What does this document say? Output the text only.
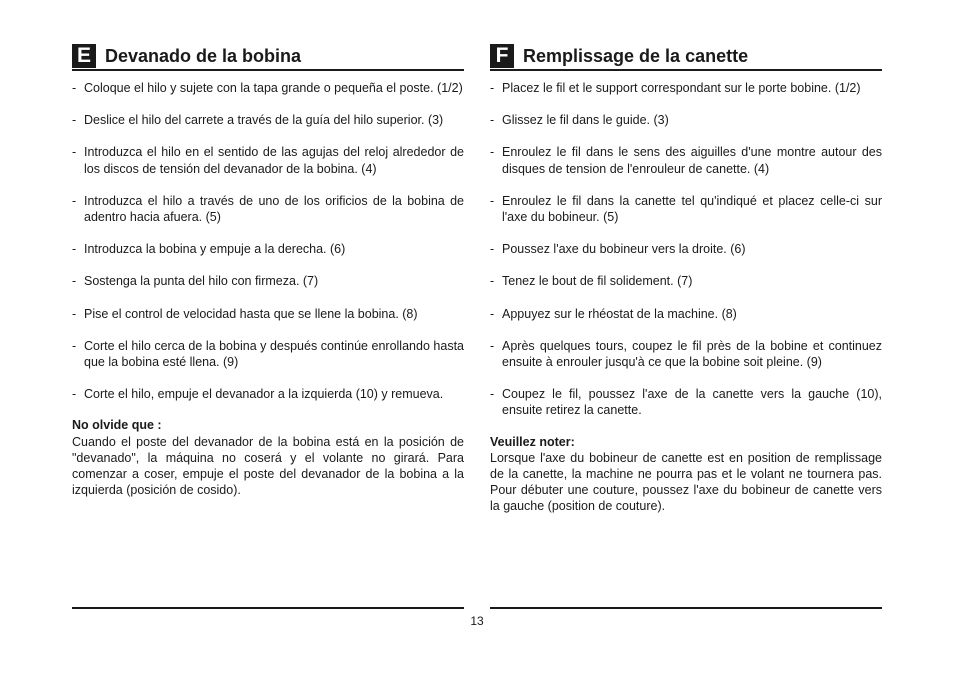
E Devanado de la bobina
- Coloque el hilo y sujete con la tapa grande o pequeña el poste. (1/2)
- Deslice el hilo del carrete a través de la guía del hilo superior. (3)
- Introduzca el hilo en el sentido de las agujas del reloj alrededor de los discos de tensión del devanador de la bobina. (4)
- Introduzca el hilo a través de uno de los orificios de la bobina de adentro hacia afuera. (5)
- Introduzca la bobina y empuje a la derecha. (6)
- Sostenga la punta del hilo con firmeza. (7)
- Pise el control de velocidad hasta que se llene la bobina. (8)
- Corte el hilo cerca de la bobina y después continúe enrollando hasta que la bobina esté llena. (9)
- Corte el hilo, empuje el devanador a la izquierda (10) y remueva.
No olvide que :
Cuando el poste del devanador de la bobina está en la posición de "devanado", la máquina no coserá y el volante no girará. Para comenzar a coser, empuje el poste del devanador de la bobina a la izquierda (posición de cosido).
F Remplissage de la canette
- Placez le fil et le support correspondant sur le porte bobine. (1/2)
- Glissez le fil dans le guide. (3)
- Enroulez le fil dans le sens des aiguilles d'une montre autour des disques de tension de l'enrouleur de canette. (4)
- Enroulez le fil dans la canette tel qu'indiqué et placez celle-ci sur l'axe du bobineur. (5)
- Poussez l'axe du bobineur vers la droite. (6)
- Tenez le bout de fil solidement. (7)
- Appuyez sur le rhéostat de la machine. (8)
- Après quelques tours, coupez le fil près de la bobine et continuez ensuite à enrouler jusqu'à ce que la bobine soit pleine. (9)
- Coupez le fil, poussez l'axe de la canette vers la gauche (10), ensuite retirez la canette.
Veuillez noter:
Lorsque l'axe du bobineur de canette est en position de remplissage de la canette, la machine ne pourra pas et le volant ne tournera pas. Pour débuter une couture, poussez l'axe du bobineur de canette vers la gauche (position de couture).
13
